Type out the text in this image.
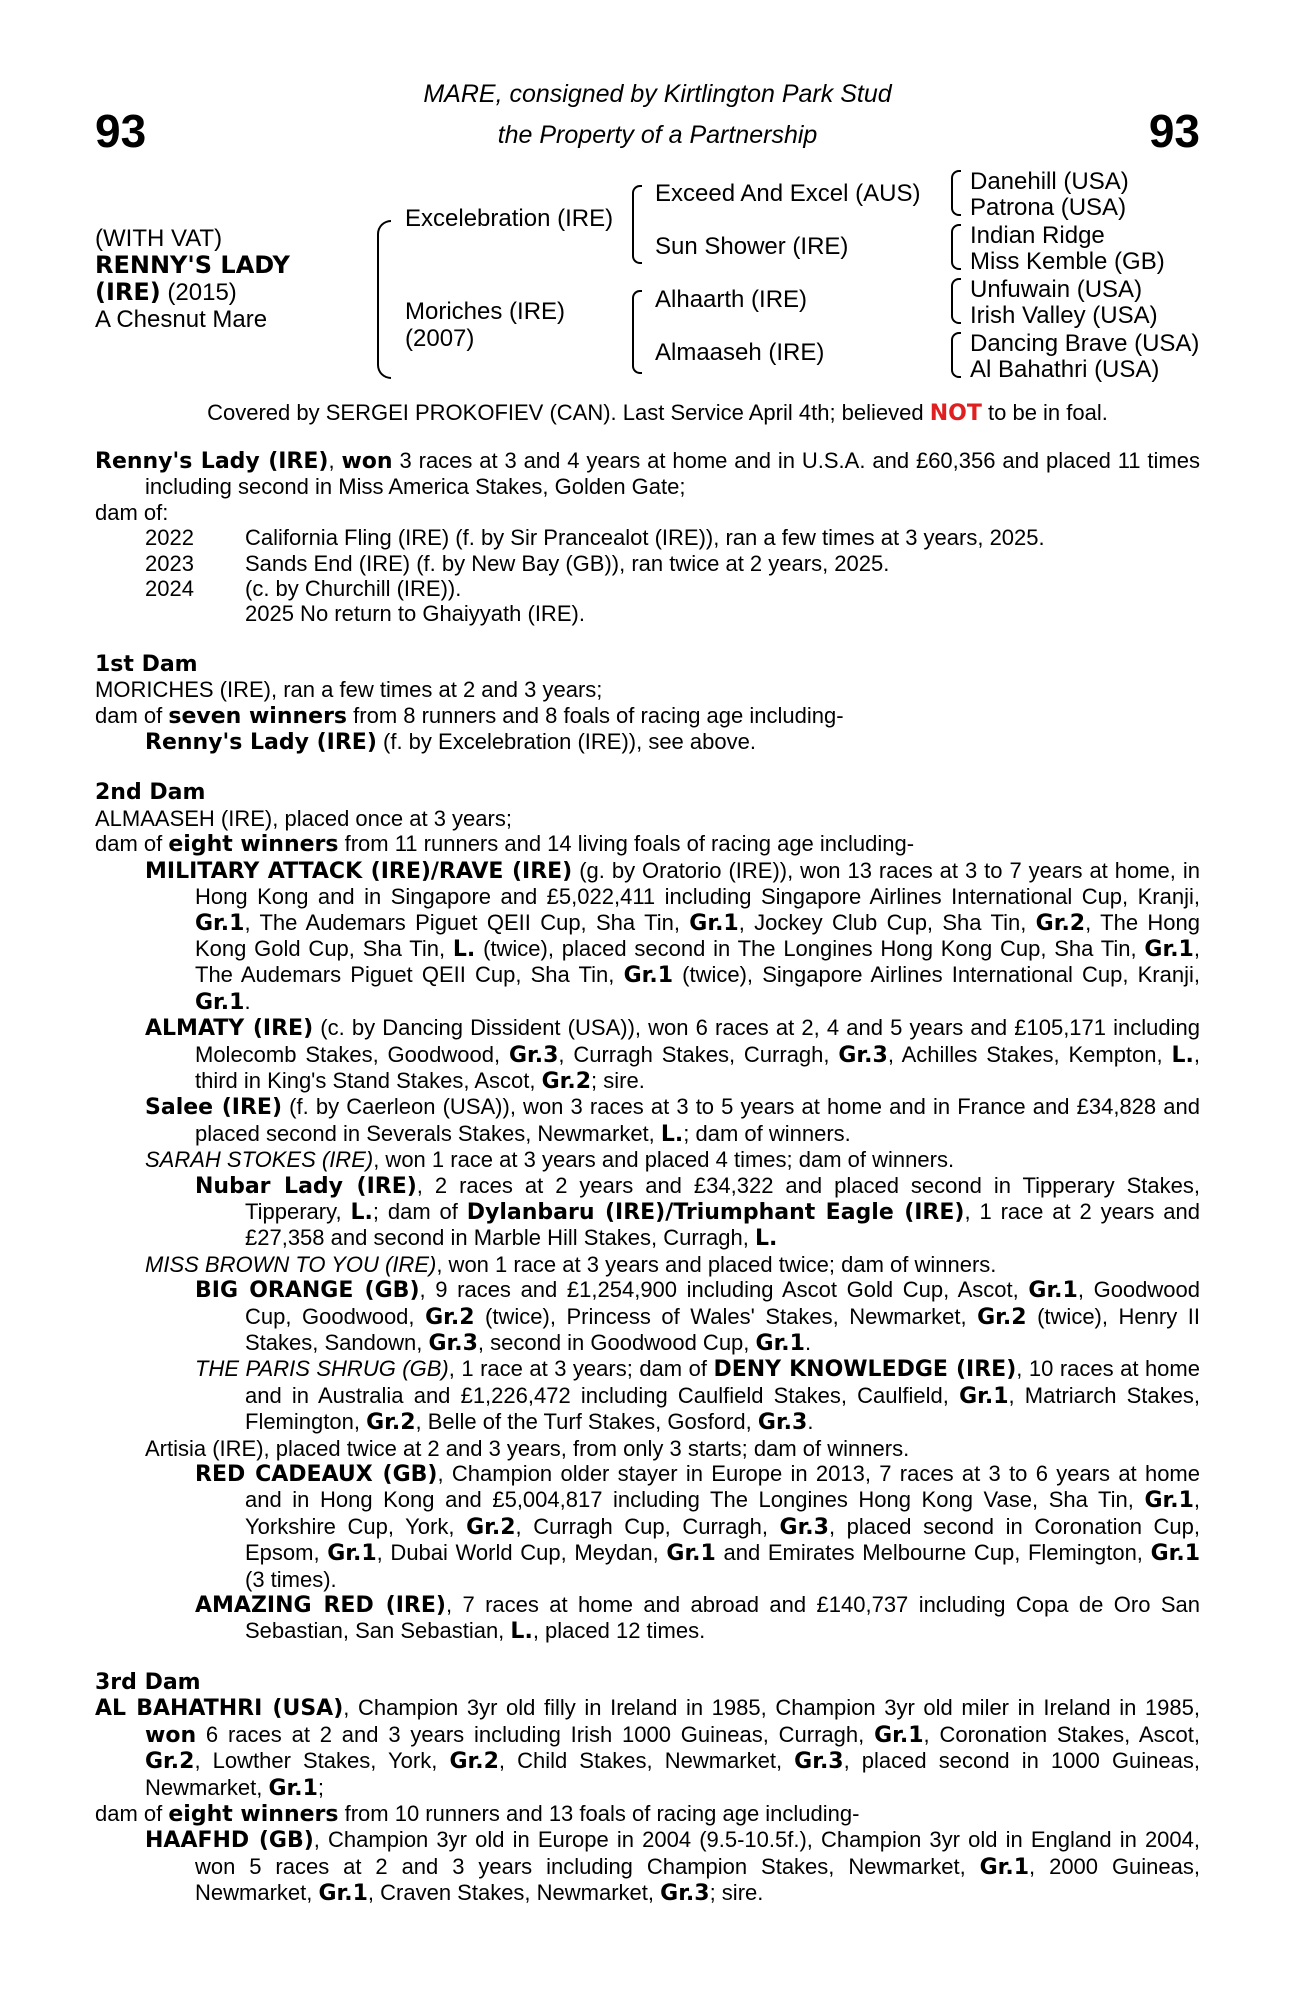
93	93
MARE, consigned by Kirtlington Park Stud
the Property of a Partnership
(WITH VAT)
RENNY'S LADY
(IRE) (2015)
A Chesnut Mare
Excelebration (IRE)
Moriches (IRE)
(2007)
Exceed And Excel (AUS)
Sun Shower (IRE)
Alhaarth (IRE)
Almaaseh (IRE)
Danehill (USA)
Patrona (USA)
Indian Ridge
Miss Kemble (GB)
Unfuwain (USA)
Irish Valley (USA)
Dancing Brave (USA)
Al Bahathri (USA)
Covered by SERGEI PROKOFIEV (CAN). Last Service April 4th; believed NOT to be in foal.

Renny's Lady (IRE), won 3 races at 3 and 4 years at home and in U.S.A. and £60,356 and placed 11 times including second in Miss America Stakes, Golden Gate;

dam of:

2022 California Fling (IRE) (f. by Sir Prancealot (IRE)), ran a few times at 3 years, 2025.

2023 Sands End (IRE) (f. by New Bay (GB)), ran twice at 2 years, 2025.

2024 (c. by Churchill (IRE)).

2025 No return to Ghaiyyath (IRE).

1st Dam

MORICHES (IRE), ran a few times at 2 and 3 years;

dam of seven winners from 8 runners and 8 foals of racing age including-

Renny's Lady (IRE) (f. by Excelebration (IRE)), see above.

2nd Dam

ALMAASEH (IRE), placed once at 3 years;

dam of eight winners from 11 runners and 14 living foals of racing age including-

MILITARY ATTACK (IRE)/RAVE (IRE) (g. by Oratorio (IRE)), won 13 races at 3 to 7 years at home, in Hong Kong and in Singapore and £5,022,411 including Singapore Airlines International Cup, Kranji, Gr.1, The Audemars Piguet QEII Cup, Sha Tin, Gr.1, Jockey Club Cup, Sha Tin, Gr.2, The Hong Kong Gold Cup, Sha Tin, L. (twice), placed second in The Longines Hong Kong Cup, Sha Tin, Gr.1, The Audemars Piguet QEII Cup, Sha Tin, Gr.1 (twice), Singapore Airlines International Cup, Kranji, Gr.1.

ALMATY (IRE) (c. by Dancing Dissident (USA)), won 6 races at 2, 4 and 5 years and £105,171 including Molecomb Stakes, Goodwood, Gr.3, Curragh Stakes, Curragh, Gr.3, Achilles Stakes, Kempton, L., third in King's Stand Stakes, Ascot, Gr.2; sire.

Salee (IRE) (f. by Caerleon (USA)), won 3 races at 3 to 5 years at home and in France and £34,828 and placed second in Severals Stakes, Newmarket, L.; dam of winners.

SARAH STOKES (IRE), won 1 race at 3 years and placed 4 times; dam of winners.

Nubar Lady (IRE), 2 races at 2 years and £34,322 and placed second in Tipperary Stakes, Tipperary, L.; dam of Dylanbaru (IRE)/Triumphant Eagle (IRE), 1 race at 2 years and £27,358 and second in Marble Hill Stakes, Curragh, L.

MISS BROWN TO YOU (IRE), won 1 race at 3 years and placed twice; dam of winners.

BIG ORANGE (GB), 9 races and £1,254,900 including Ascot Gold Cup, Ascot, Gr.1, Goodwood Cup, Goodwood, Gr.2 (twice), Princess of Wales' Stakes, Newmarket, Gr.2 (twice), Henry II Stakes, Sandown, Gr.3, second in Goodwood Cup, Gr.1.

THE PARIS SHRUG (GB), 1 race at 3 years; dam of DENY KNOWLEDGE (IRE), 10 races at home and in Australia and £1,226,472 including Caulfield Stakes, Caulfield, Gr.1, Matriarch Stakes, Flemington, Gr.2, Belle of the Turf Stakes, Gosford, Gr.3.

Artisia (IRE), placed twice at 2 and 3 years, from only 3 starts; dam of winners.

RED CADEAUX (GB), Champion older stayer in Europe in 2013, 7 races at 3 to 6 years at home and in Hong Kong and £5,004,817 including The Longines Hong Kong Vase, Sha Tin, Gr.1, Yorkshire Cup, York, Gr.2, Curragh Cup, Curragh, Gr.3, placed second in Coronation Cup, Epsom, Gr.1, Dubai World Cup, Meydan, Gr.1 and Emirates Melbourne Cup, Flemington, Gr.1 (3 times).

AMAZING RED (IRE), 7 races at home and abroad and £140,737 including Copa de Oro San Sebastian, San Sebastian, L., placed 12 times.

3rd Dam

AL BAHATHRI (USA), Champion 3yr old filly in Ireland in 1985, Champion 3yr old miler in Ireland in 1985, won 6 races at 2 and 3 years including Irish 1000 Guineas, Curragh, Gr.1, Coronation Stakes, Ascot, Gr.2, Lowther Stakes, York, Gr.2, Child Stakes, Newmarket, Gr.3, placed second in 1000 Guineas, Newmarket, Gr.1;

dam of eight winners from 10 runners and 13 foals of racing age including-

HAAFHD (GB), Champion 3yr old in Europe in 2004 (9.5-10.5f.), Champion 3yr old in England in 2004, won 5 races at 2 and 3 years including Champion Stakes, Newmarket, Gr.1, 2000 Guineas, Newmarket, Gr.1, Craven Stakes, Newmarket, Gr.3; sire.
